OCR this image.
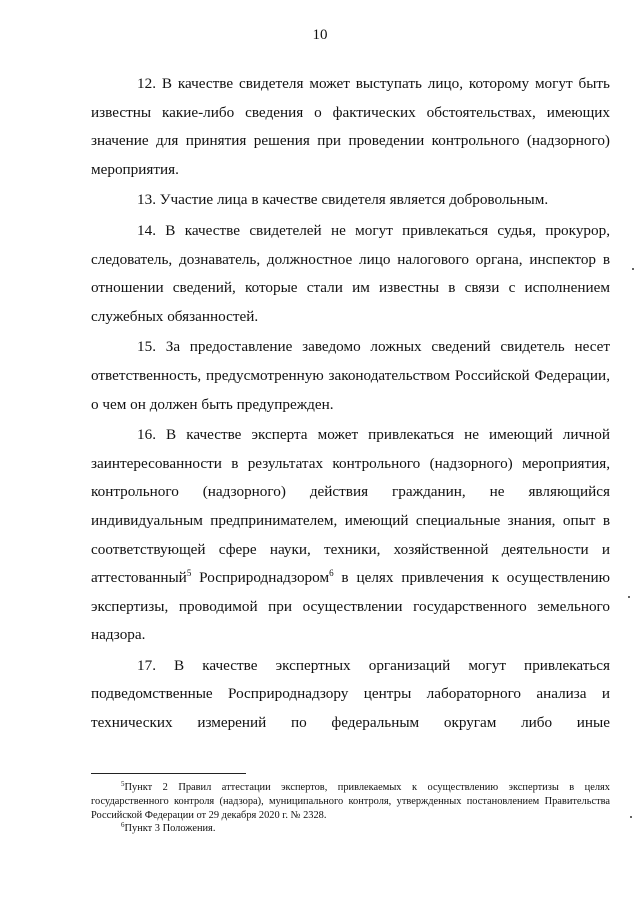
10

12. В качестве свидетеля может выступать лицо, которому могут быть известны какие-либо сведения о фактических обстоятельствах, имеющих значение для принятия решения при проведении контрольного (надзорного) мероприятия.

13. Участие лица в качестве свидетеля является добровольным.

14. В качестве свидетелей не могут привлекаться судья, прокурор, следователь, дознаватель, должностное лицо налогового органа, инспектор в отношении сведений, которые стали им известны в связи с исполнением служебных обязанностей.

15. За предоставление заведомо ложных сведений свидетель несет ответственность, предусмотренную законодательством Российской Федерации, о чем он должен быть предупрежден.

16. В качестве эксперта может привлекаться не имеющий личной заинтересованности в результатах контрольного (надзорного) мероприятия, контрольного (надзорного) действия гражданин, не являющийся индивидуальным предпринимателем, имеющий специальные знания, опыт в соответствующей сфере науки, техники, хозяйственной деятельности и аттестованный$^5$ Росприроднадзором$^6$ в целях привлечения к осуществлению экспертизы, проводимой при осуществлении государственного земельного надзора.

17. В качестве экспертных организаций могут привлекаться подведомственные Росприроднадзору центры лабораторного анализа и технических измерений по федеральным округам либо иные

$^5$Пункт 2 Правил аттестации экспертов, привлекаемых к осуществлению экспертизы в целях государственного контроля (надзора), муниципального контроля, утвержденных постановлением Правительства Российской Федерации от 29 декабря 2020 г. № 2328.

$^6$Пункт 3 Положения.
